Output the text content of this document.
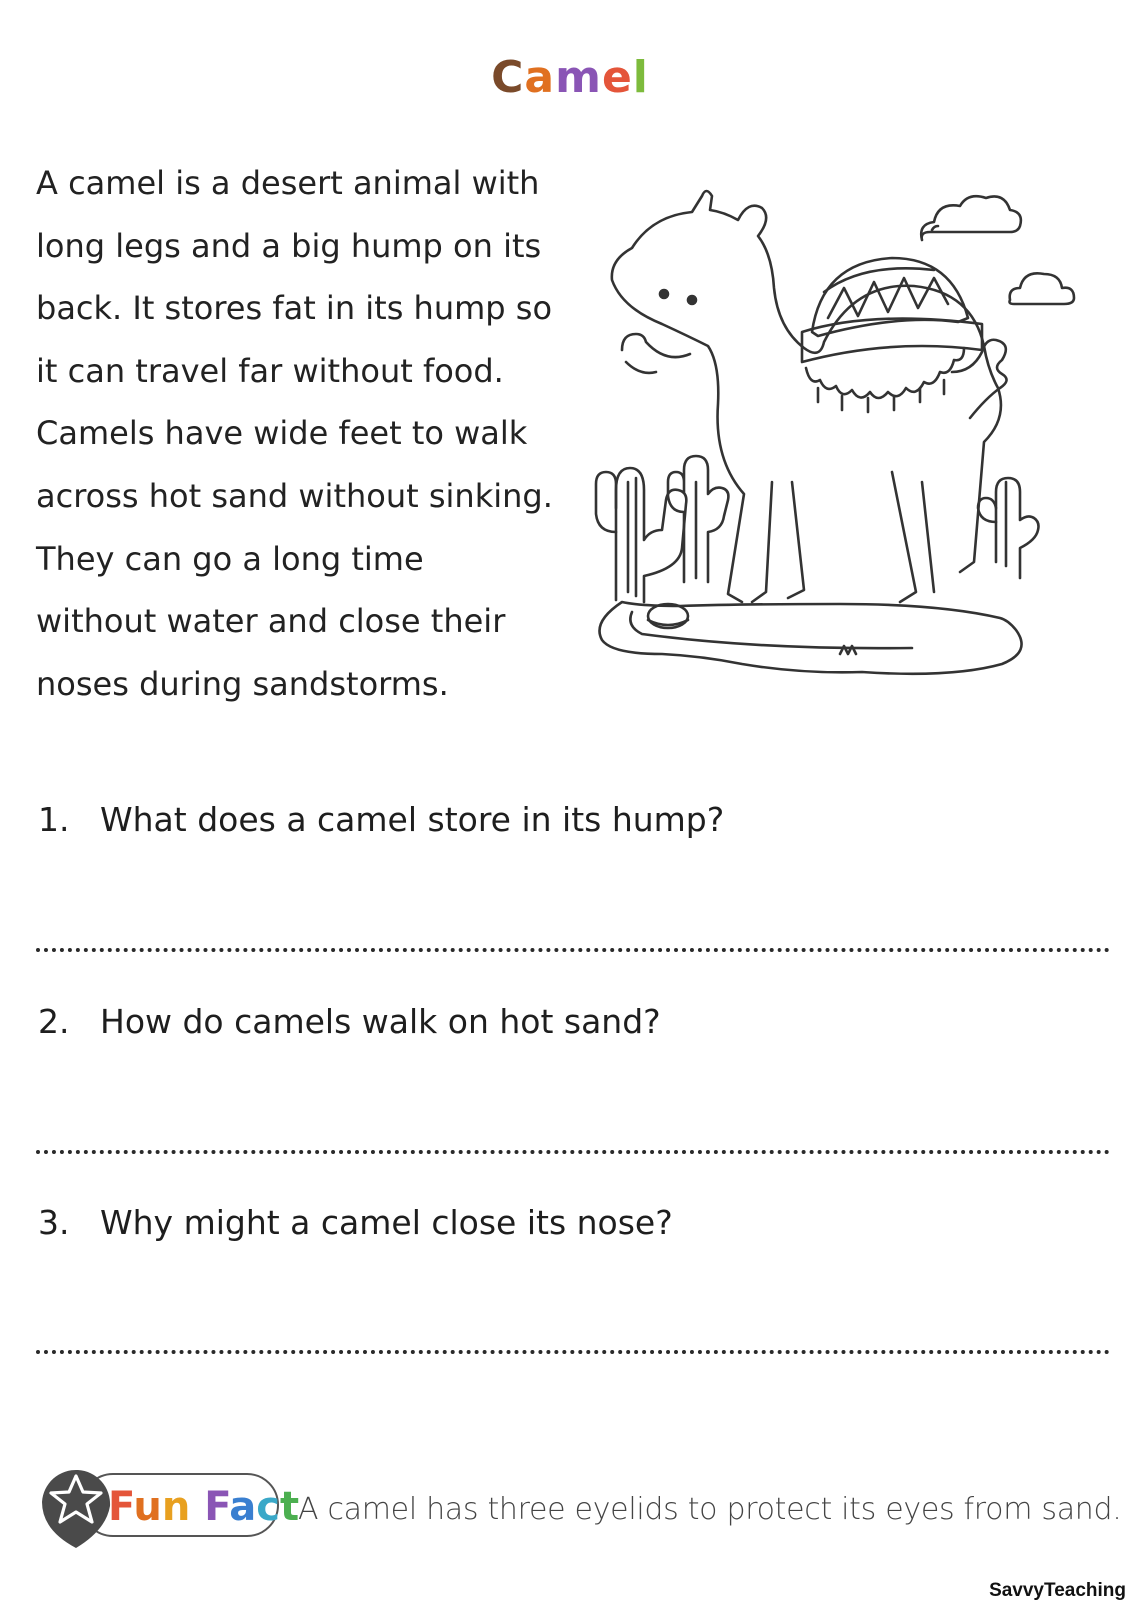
Camel
A camel is a desert animal with
long legs and a big hump on its
back. It stores fat in its hump so
it can travel far without food.
Camels have wide feet to walk
across hot sand without sinking.
They can go a long time
without water and close their
noses during sandstorms.
1. What does a camel store in its hump?
2. How do camels walk on hot sand?
3. Why might a camel close its nose?
Fun Fact
A camel has three eyelids to protect its eyes from sand.
SavvyTeaching
